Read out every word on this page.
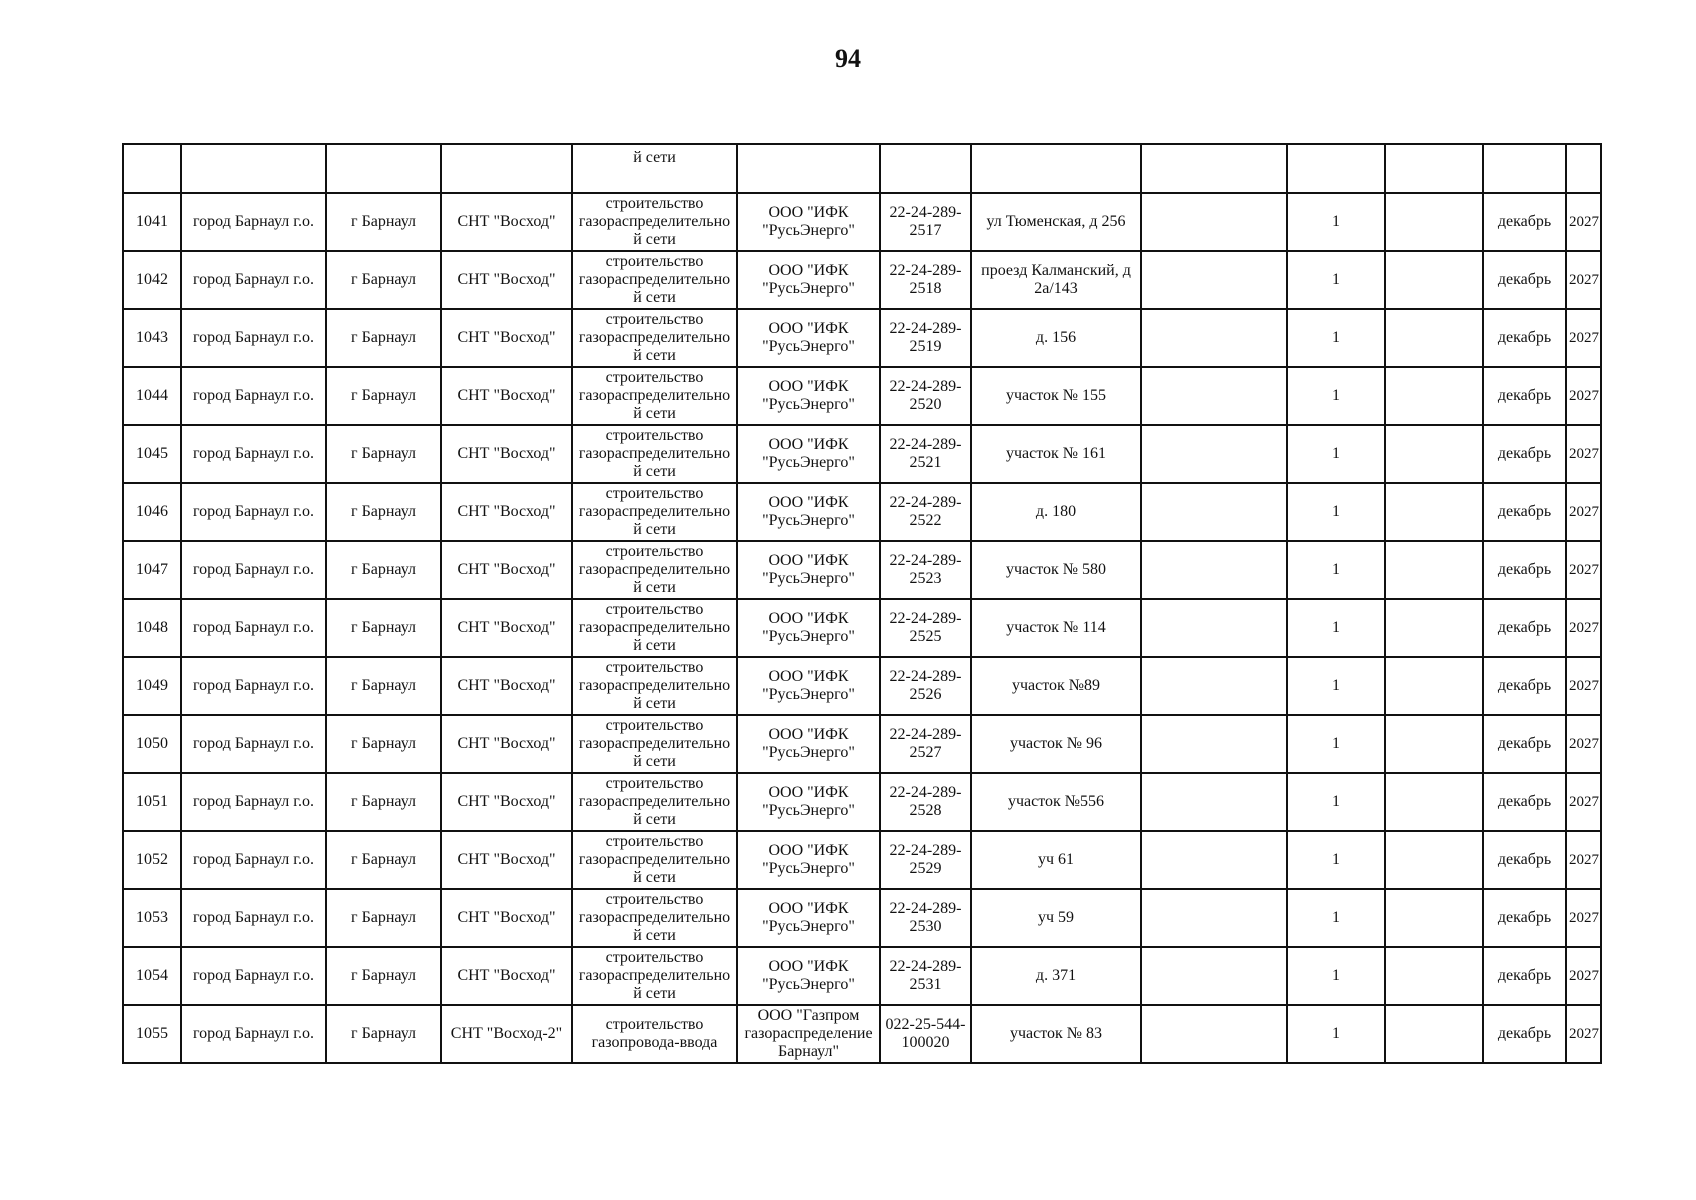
94
				й сети								
1041	город Барнаул г.о.	г Барнаул	СНТ "Восход"	строительство
газораспределительно
й сети	ООО "ИФК
"РусьЭнерго"	22-24-289-
2517	ул Тюменская, д 256		1		декабрь	2027
1042	город Барнаул г.о.	г Барнаул	СНТ "Восход"	строительство
газораспределительно
й сети	ООО "ИФК
"РусьЭнерго"	22-24-289-
2518	проезд Калманский, д
2а/143		1		декабрь	2027
1043	город Барнаул г.о.	г Барнаул	СНТ "Восход"	строительство
газораспределительно
й сети	ООО "ИФК
"РусьЭнерго"	22-24-289-
2519	д. 156		1		декабрь	2027
1044	город Барнаул г.о.	г Барнаул	СНТ "Восход"	строительство
газораспределительно
й сети	ООО "ИФК
"РусьЭнерго"	22-24-289-
2520	участок № 155		1		декабрь	2027
1045	город Барнаул г.о.	г Барнаул	СНТ "Восход"	строительство
газораспределительно
й сети	ООО "ИФК
"РусьЭнерго"	22-24-289-
2521	участок № 161		1		декабрь	2027
1046	город Барнаул г.о.	г Барнаул	СНТ "Восход"	строительство
газораспределительно
й сети	ООО "ИФК
"РусьЭнерго"	22-24-289-
2522	д. 180		1		декабрь	2027
1047	город Барнаул г.о.	г Барнаул	СНТ "Восход"	строительство
газораспределительно
й сети	ООО "ИФК
"РусьЭнерго"	22-24-289-
2523	участок № 580		1		декабрь	2027
1048	город Барнаул г.о.	г Барнаул	СНТ "Восход"	строительство
газораспределительно
й сети	ООО "ИФК
"РусьЭнерго"	22-24-289-
2525	участок № 114		1		декабрь	2027
1049	город Барнаул г.о.	г Барнаул	СНТ "Восход"	строительство
газораспределительно
й сети	ООО "ИФК
"РусьЭнерго"	22-24-289-
2526	участок №89		1		декабрь	2027
1050	город Барнаул г.о.	г Барнаул	СНТ "Восход"	строительство
газораспределительно
й сети	ООО "ИФК
"РусьЭнерго"	22-24-289-
2527	участок № 96		1		декабрь	2027
1051	город Барнаул г.о.	г Барнаул	СНТ "Восход"	строительство
газораспределительно
й сети	ООО "ИФК
"РусьЭнерго"	22-24-289-
2528	участок №556		1		декабрь	2027
1052	город Барнаул г.о.	г Барнаул	СНТ "Восход"	строительство
газораспределительно
й сети	ООО "ИФК
"РусьЭнерго"	22-24-289-
2529	уч 61		1		декабрь	2027
1053	город Барнаул г.о.	г Барнаул	СНТ "Восход"	строительство
газораспределительно
й сети	ООО "ИФК
"РусьЭнерго"	22-24-289-
2530	уч 59		1		декабрь	2027
1054	город Барнаул г.о.	г Барнаул	СНТ "Восход"	строительство
газораспределительно
й сети	ООО "ИФК
"РусьЭнерго"	22-24-289-
2531	д. 371		1		декабрь	2027
1055	город Барнаул г.о.	г Барнаул	СНТ "Восход-2"	строительство
газопровода-ввода	ООО "Газпром
газораспределение
Барнаул"	022-25-544-
100020	участок № 83		1		декабрь	2027
